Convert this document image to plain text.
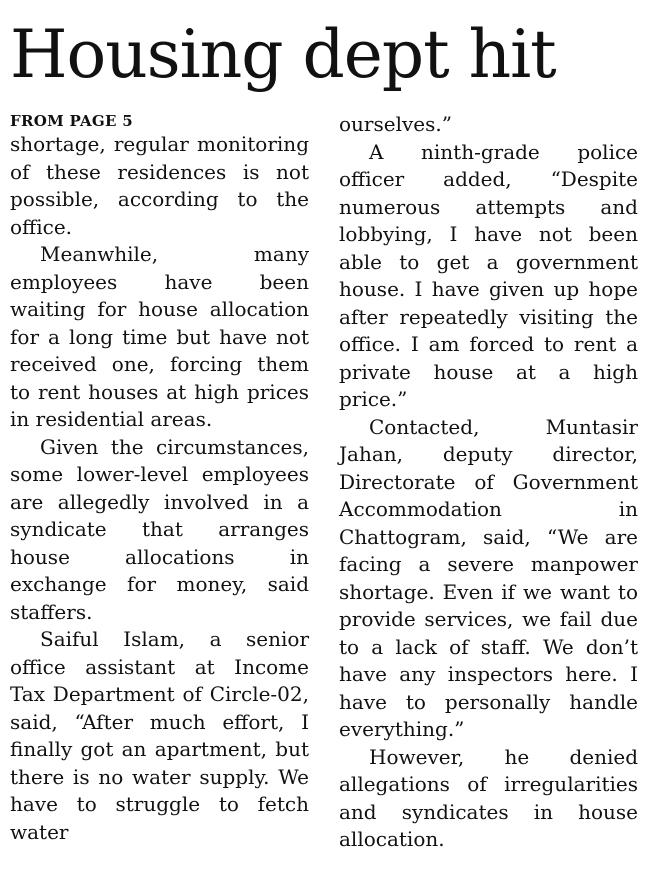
Housing dept hit

FROM PAGE 5

shortage, regular monitoring of these residences is not possible, according to the office.

Meanwhile, many employees have been waiting for house allocation for a long time but have not received one, forcing them to rent houses at high prices in residential areas.

Given the circumstances, some lower-level employees are allegedly involved in a syndicate that arranges house allocations in exchange for money, said staffers.

Saiful Islam, a senior office assistant at Income Tax Department of Circle-02, said, “After much effort, I finally got an apartment, but there is no water supply. We have to struggle to fetch water

ourselves.”

A ninth-grade police officer added, “Despite numerous attempts and lobbying, I have not been able to get a government house. I have given up hope after repeatedly visiting the office. I am forced to rent a private house at a high price.”

Contacted, Muntasir Jahan, deputy director, Directorate of Government Accommodation in Chattogram, said, “We are facing a severe manpower shortage. Even if we want to provide services, we fail due to a lack of staff. We don’t have any inspectors here. I have to personally handle everything.”

However, he denied allegations of irregularities and syndicates in house allocation.
